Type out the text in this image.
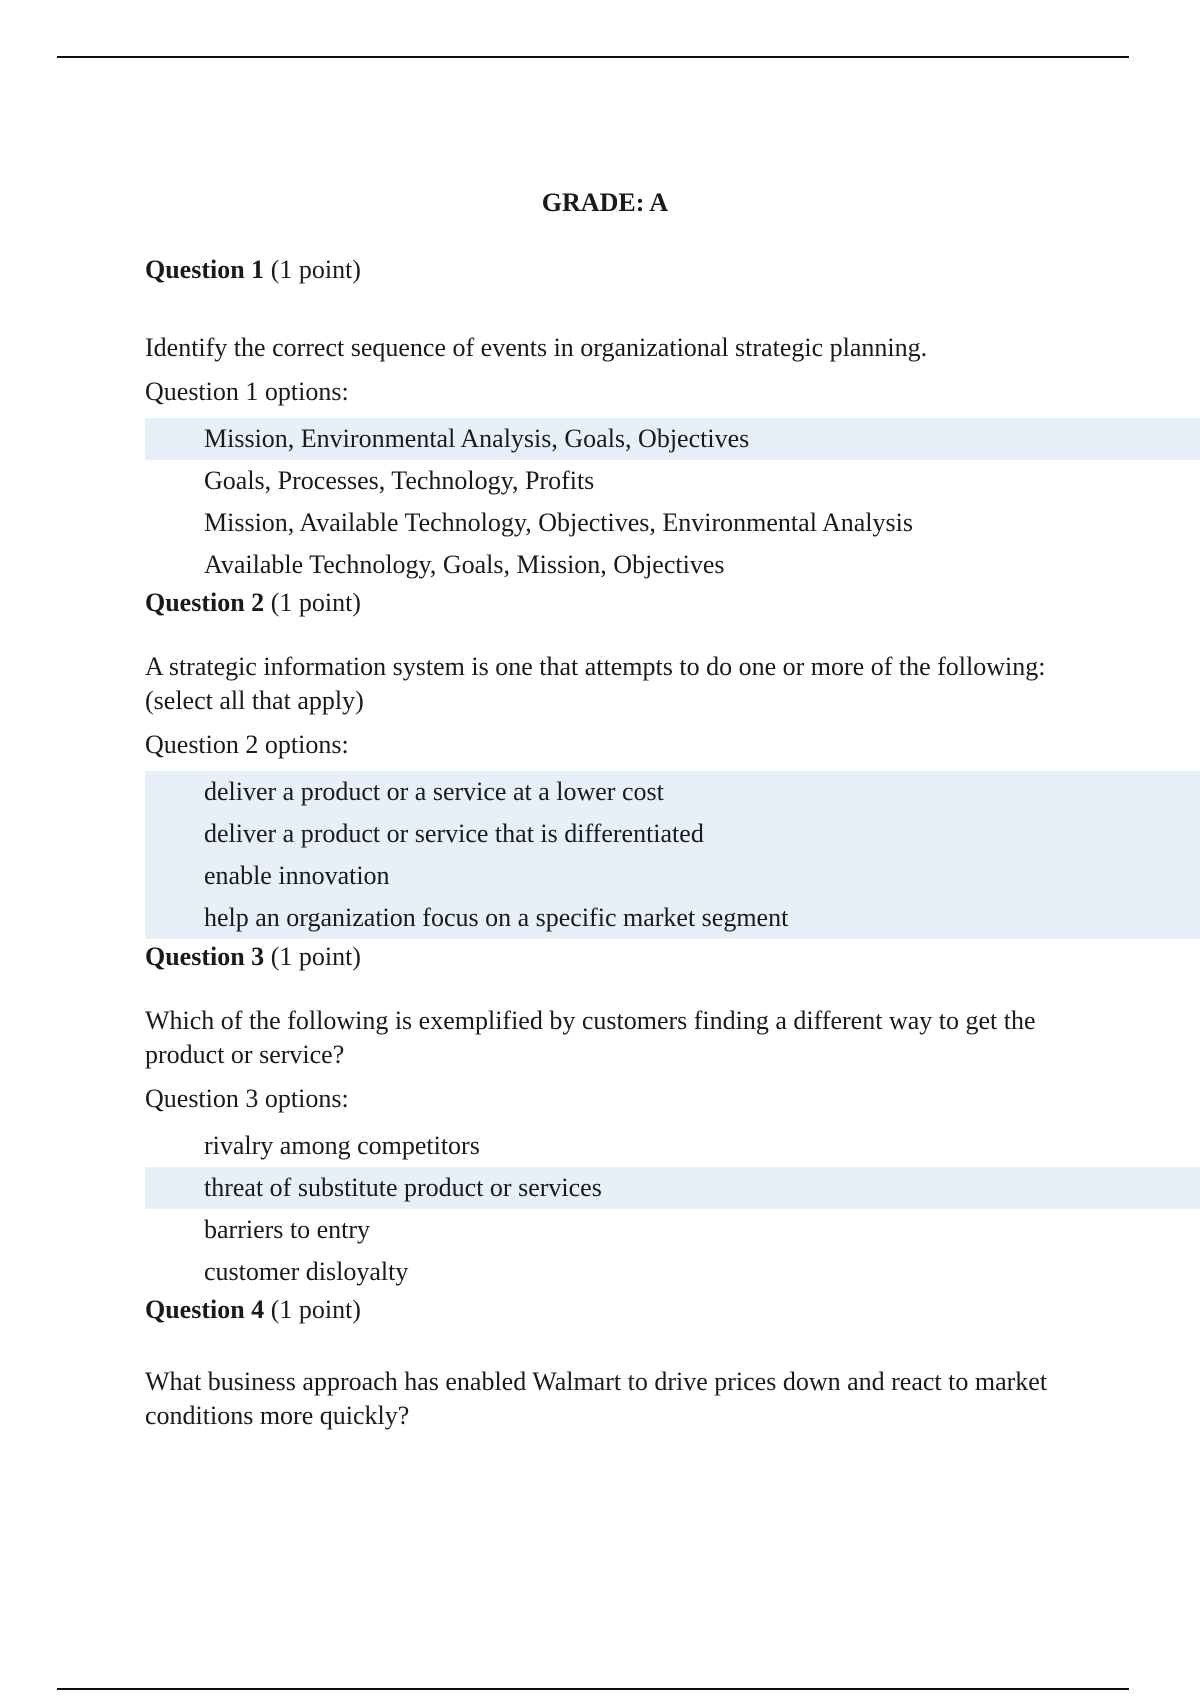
GRADE: A

Question 1 (1 point)

Identify the correct sequence of events in organizational strategic planning.

Question 1 options:

Mission, Environmental Analysis, Goals, Objectives
Goals, Processes, Technology, Profits
Mission, Available Technology, Objectives, Environmental Analysis
Available Technology, Goals, Mission, Objectives

Question 2 (1 point)

A strategic information system is one that attempts to do one or more of the following: (select all that apply)

Question 2 options:

deliver a product or a service at a lower cost
deliver a product or service that is differentiated
enable innovation
help an organization focus on a specific market segment

Question 3 (1 point)

Which of the following is exemplified by customers finding a different way to get the product or service?

Question 3 options:

rivalry among competitors
threat of substitute product or services
barriers to entry
customer disloyalty

Question 4 (1 point)

What business approach has enabled Walmart to drive prices down and react to market conditions more quickly?
